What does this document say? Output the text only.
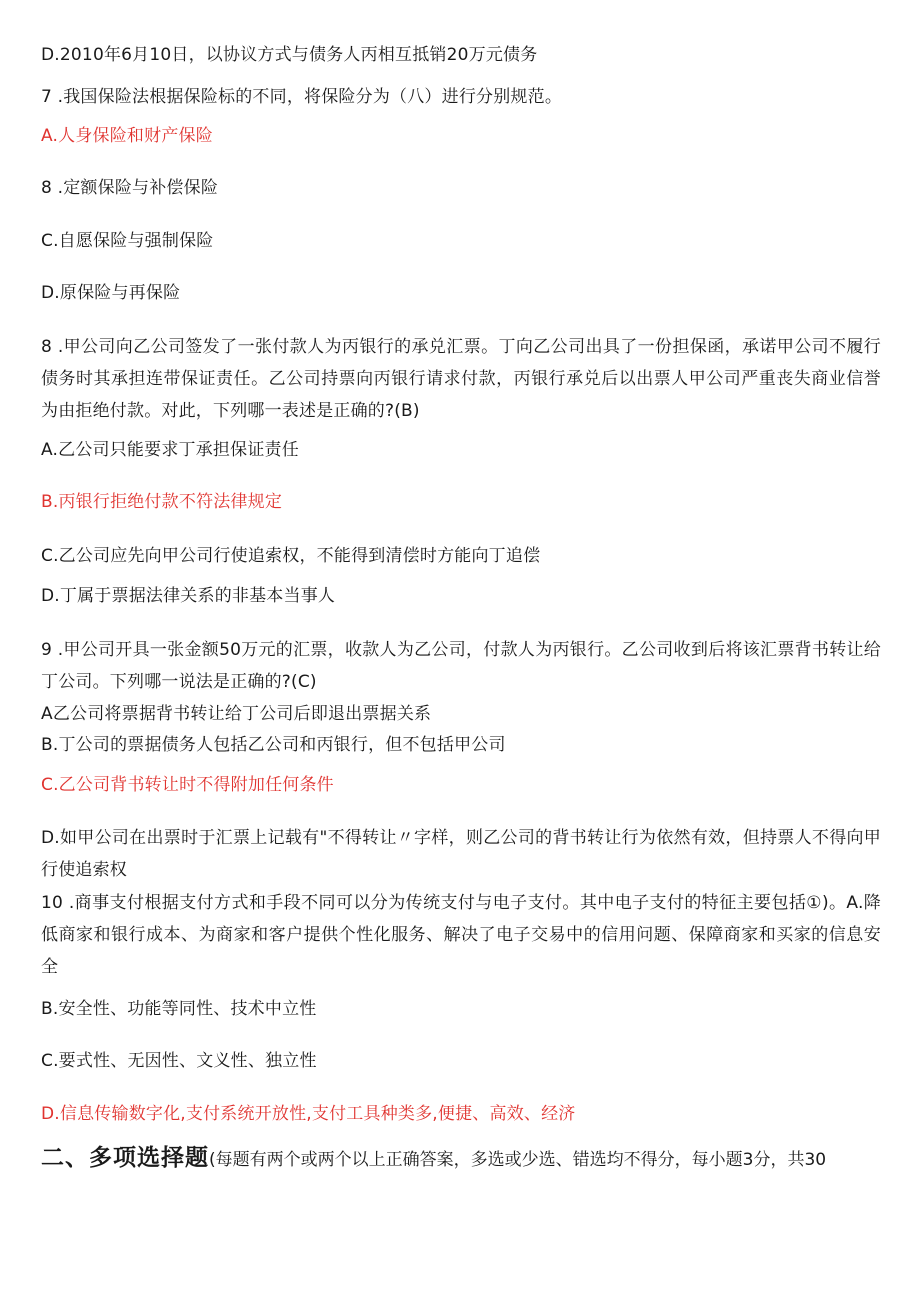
D.2010年6月10日，以协议方式与债务人丙相互抵销20万元债务
7 .我国保险法根据保险标的不同，将保险分为（八）进行分别规范。
A.人身保险和财产保险
8 .定额保险与补偿保险
C.自愿保险与强制保险
D.原保险与再保险
8 .甲公司向乙公司签发了一张付款人为丙银行的承兑汇票。丁向乙公司出具了一份担保函，承诺甲公司不履行债务时其承担连带保证责任。乙公司持票向丙银行请求付款，丙银行承兑后以出票人甲公司严重丧失商业信誉为由拒绝付款。对此，下列哪一表述是正确的?(B)
A.乙公司只能要求丁承担保证责任
B.丙银行拒绝付款不符法律规定
C.乙公司应先向甲公司行使追索权，不能得到清偿时方能向丁追偿
D.丁属于票据法律关系的非基本当事人
9 .甲公司开具一张金额50万元的汇票，收款人为乙公司，付款人为丙银行。乙公司收到后将该汇票背书转让给丁公司。下列哪一说法是正确的?(C)
A乙公司将票据背书转让给丁公司后即退出票据关系
B.丁公司的票据债务人包括乙公司和丙银行，但不包括甲公司
C.乙公司背书转让时不得附加任何条件
D.如甲公司在出票时于汇票上记载有"不得转让〃字样，则乙公司的背书转让行为依然有效，但持票人不得向甲行使追索权
10 .商事支付根据支付方式和手段不同可以分为传统支付与电子支付。其中电子支付的特征主要包括①)。A.降低商家和银行成本、为商家和客户提供个性化服务、解决了电子交易中的信用问题、保障商家和买家的信息安全
B.安全性、功能等同性、技术中立性
C.要式性、无因性、文义性、独立性
D.信息传输数字化,支付系统开放性,支付工具种类多,便捷、高效、经济
二、多项选择题(每题有两个或两个以上正确答案，多选或少选、错选均不得分，每小题3分，共30
